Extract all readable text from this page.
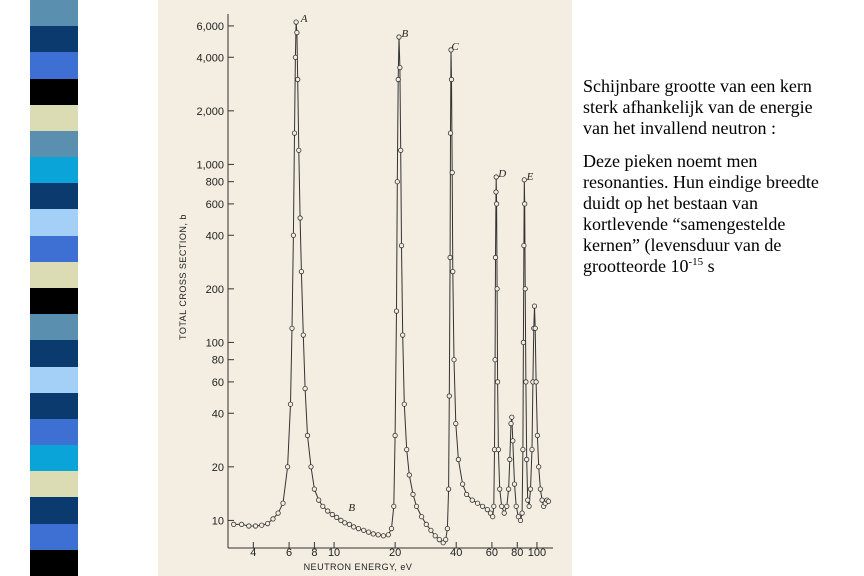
6,000
4,000
2,000
1,000
800
600
400
200
100
80
60
40
20
10
4	6 8 10	20	40 60 80 100
A
B
C
D E
B
TOTAL CROSS SECTION, b
NEUTRON ENERGY, eV

Schijnbare grootte van een kern sterk afhankelijk van de energie van het invallend neutron :

Deze pieken noemt men resonanties. Hun eindige breedte duidt op het bestaan van kortlevende “samengestelde kernen” (levensduur van de grootteorde $10^{-15}$ s
